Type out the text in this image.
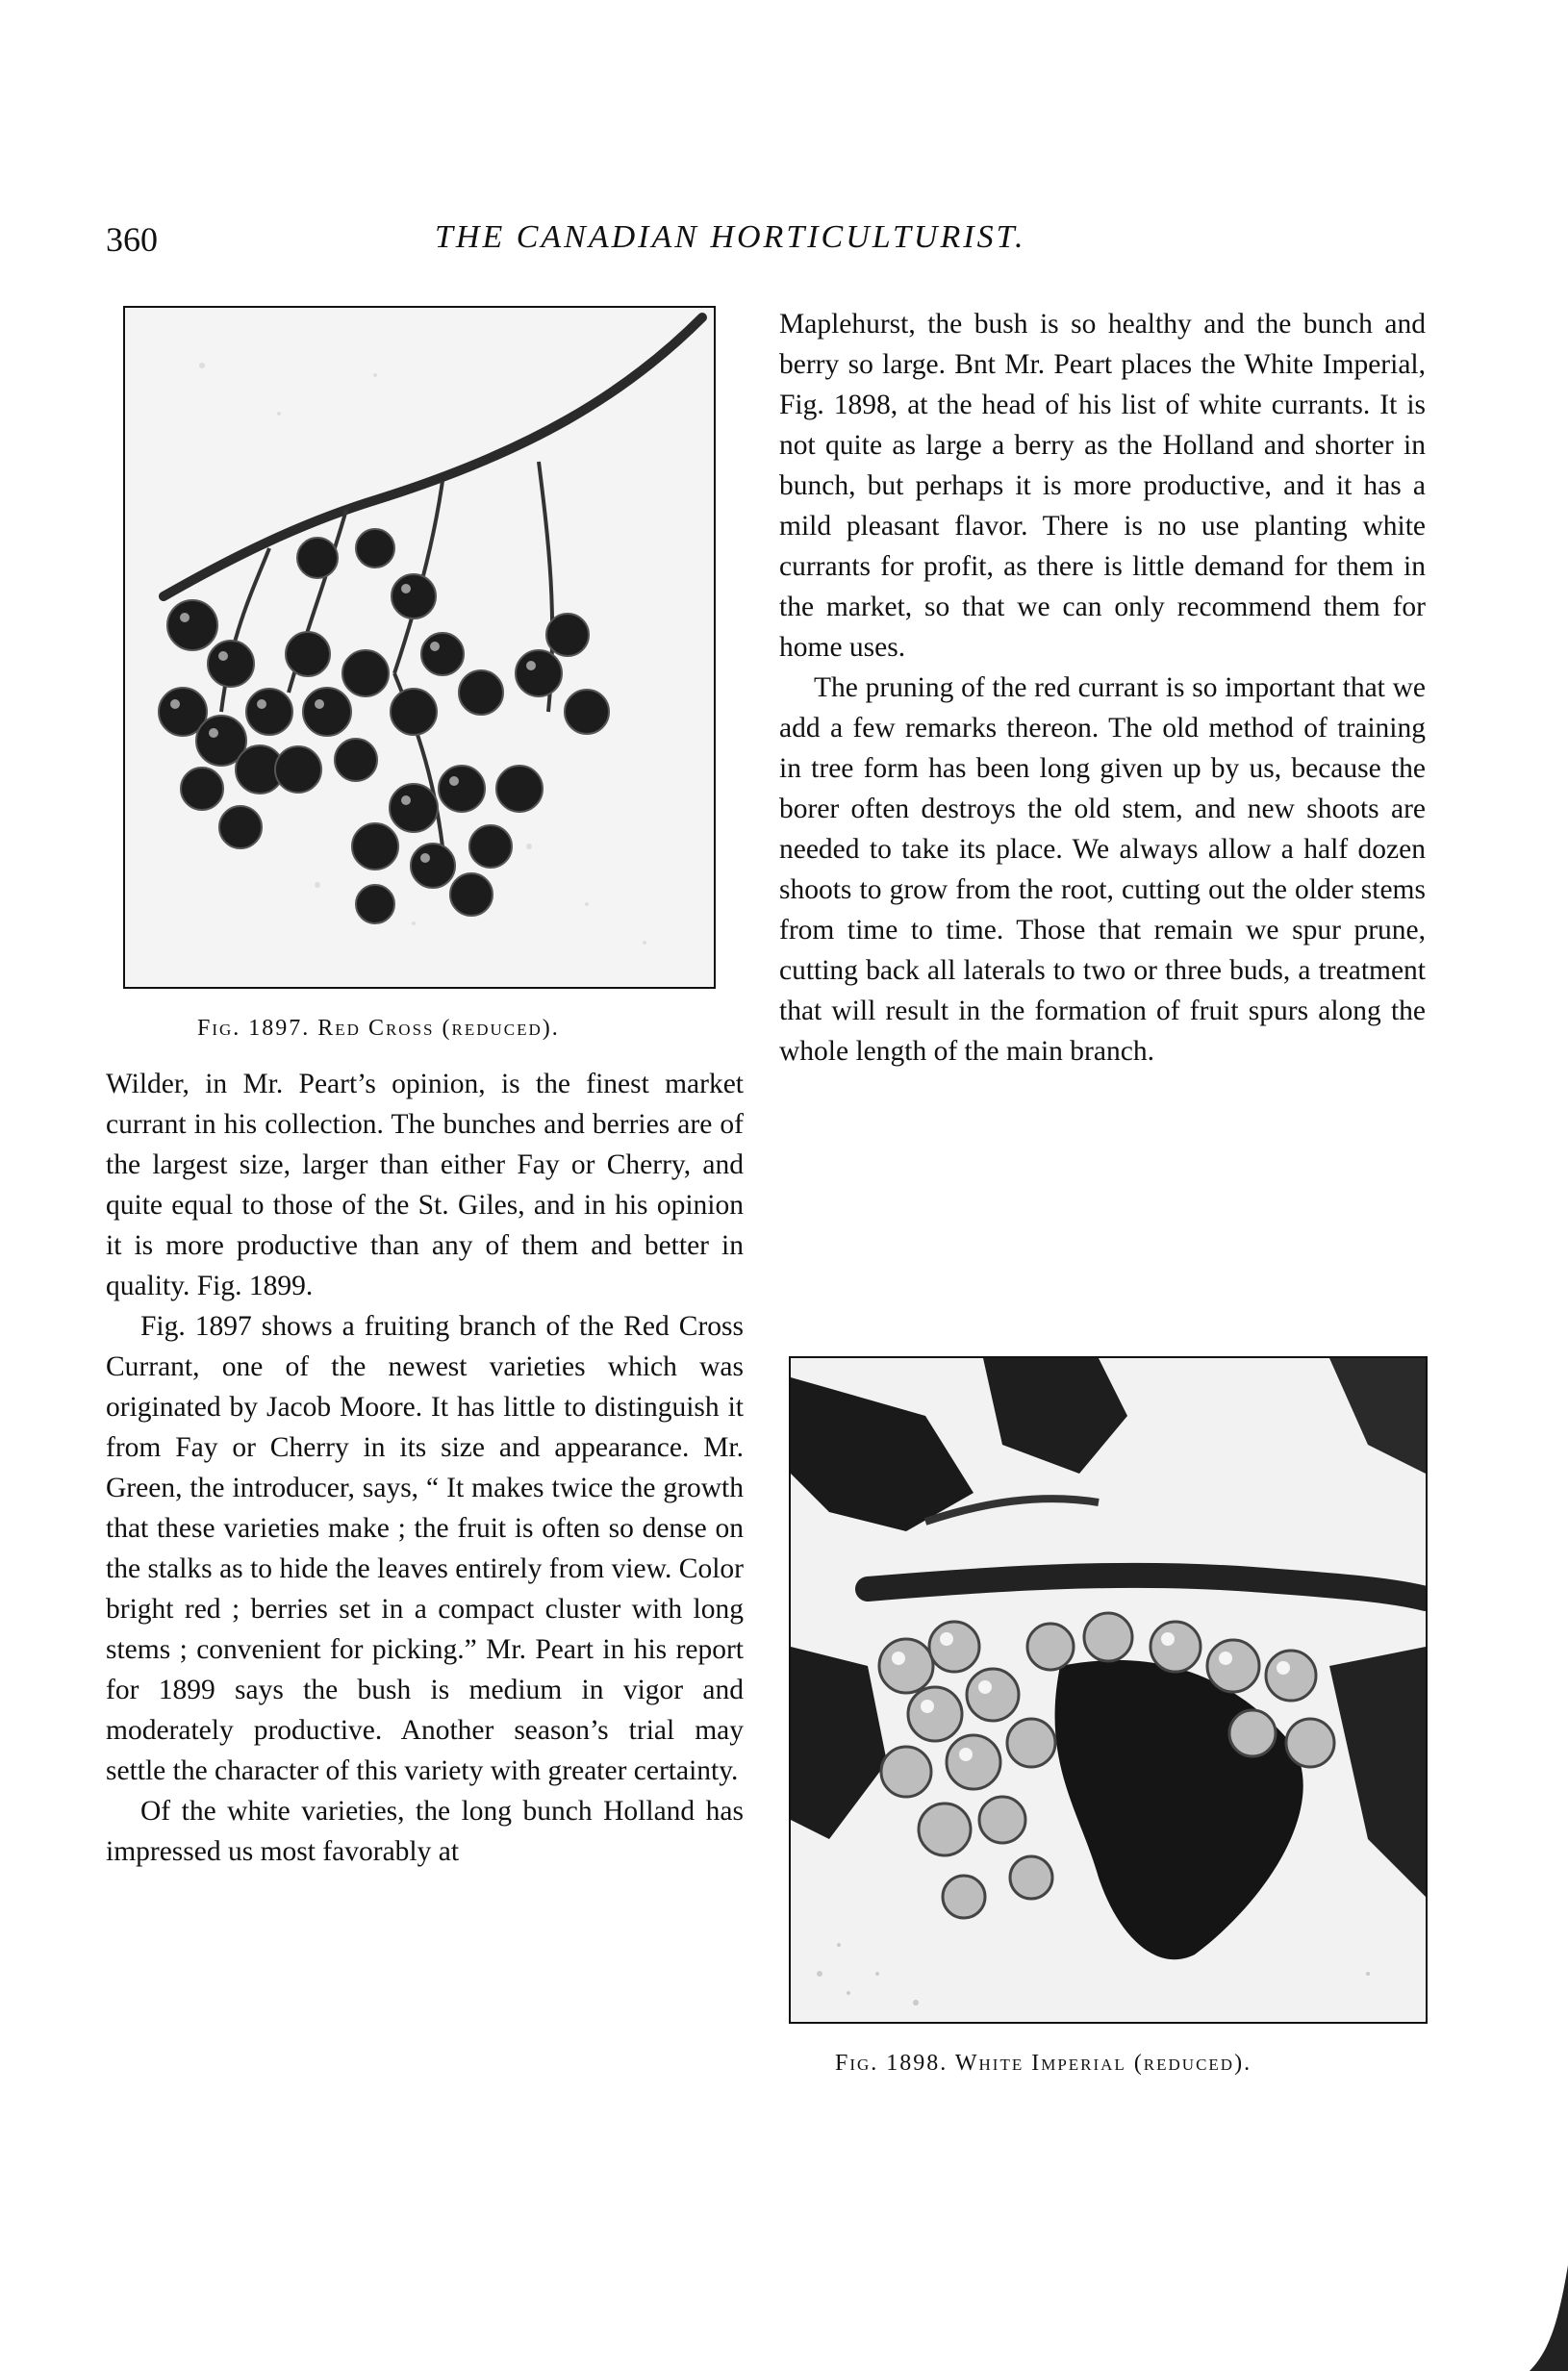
360	THE CANADIAN HORTICULTURIST.
Fig. 1897. Red Cross (reduced).

Wilder, in Mr. Peart’s opinion, is the finest market currant in his collection. The bunches and berries are of the largest size, larger than either Fay or Cherry, and quite equal to those of the St. Giles, and in his opinion it is more productive than any of them and better in quality. Fig. 1899.

Fig. 1897 shows a fruiting branch of the Red Cross Currant, one of the newest varieties which was originated by Jacob Moore. It has little to distinguish it from Fay or Cherry in its size and appearance. Mr. Green, the introducer, says, “ It makes twice the growth that these varieties make ; the fruit is often so dense on the stalks as to hide the leaves entirely from view. Color bright red ; berries set in a compact cluster with long stems ; convenient for picking.” Mr. Peart in his report for 1899 says the bush is medium in vigor and moderately productive. Another season’s trial may settle the character of this variety with greater certainty.

Of the white varieties, the long bunch Holland has impressed us most favorably at

Maplehurst, the bush is so healthy and the bunch and berry so large. Bnt Mr. Peart places the White Imperial, Fig. 1898, at the head of his list of white currants. It is not quite as large a berry as the Holland and shorter in bunch, but perhaps it is more productive, and it has a mild pleasant flavor. There is no use planting white currants for profit, as there is little demand for them in the market, so that we can only recommend them for home uses.

The pruning of the red currant is so important that we add a few remarks thereon. The old method of training in tree form has been long given up by us, because the borer often destroys the old stem, and new shoots are needed to take its place. We always allow a half dozen shoots to grow from the root, cutting out the older stems from time to time. Those that remain we spur prune, cutting back all laterals to two or three buds, a treatment that will result in the formation of fruit spurs along the whole length of the main branch.

Fig. 1898. White Imperial (reduced).
